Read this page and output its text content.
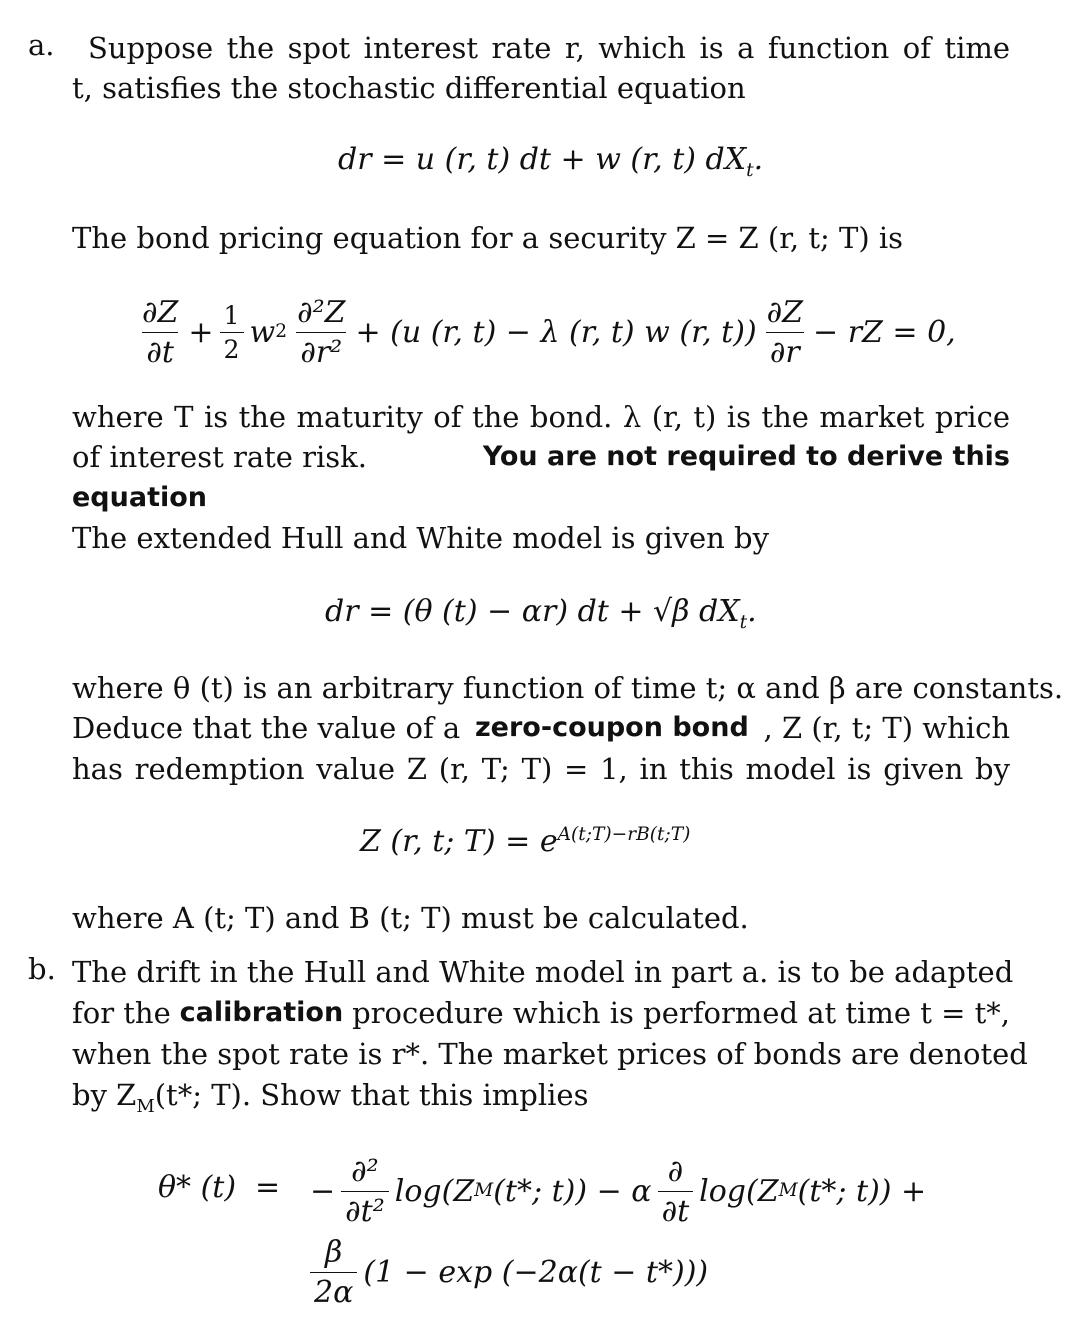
a. Suppose the spot interest rate r, which is a function of time
t, satisfies the stochastic differential equation
dr = u (r, t) dt + w (r, t) $dX_t$.
The bond pricing equation for a security Z = Z (r, t; T) is
$\frac{\partial Z}{\partial t} + \frac{1}{2}$ w $2 \frac{\text{∂²Z}}{\text{∂r²}} + (u$ (r, t) − λ (r, t) w (r, $t)) \frac{\partial Z}{\partial r}$ − rZ = 0,
where T is the maturity of the bond. λ (r, t) is the market price
of interest rate risk.	You are not required to derive this
equation
The extended Hull and White model is given by
dr = (θ (t) − αr) dt + √β $dX_t$.
where θ (t) is an arbitrary function of time t; α and β are constants.
Deduce that the value of a zero-coupon bond , Z (r, t; T) which
has redemption value Z (r, T; T) = 1, in this model is given by
Z (r, t; $T) = e^{A(t;T)-rB(t;T)}$
where A (t; T) and B (t; T) must be calculated.
b. The drift in the Hull and White model in part a. is to be adapted
for the calibration procedure which is performed at time t = t*,
when the spot rate is r*. The market prices of bonds are denoted
by $Z_M(t*$; T). Show that this implies
θ* (t) = − $\frac{\text{∂²}}{\text{∂t²}} \log(Z$ M (t*; t)) − α $\frac{\partial}{\partial t} \log(Z$ M (t*; t)) +
$\frac{\beta}{2\alpha} (1 - \exp (-2\alpha(t - t*)))$
